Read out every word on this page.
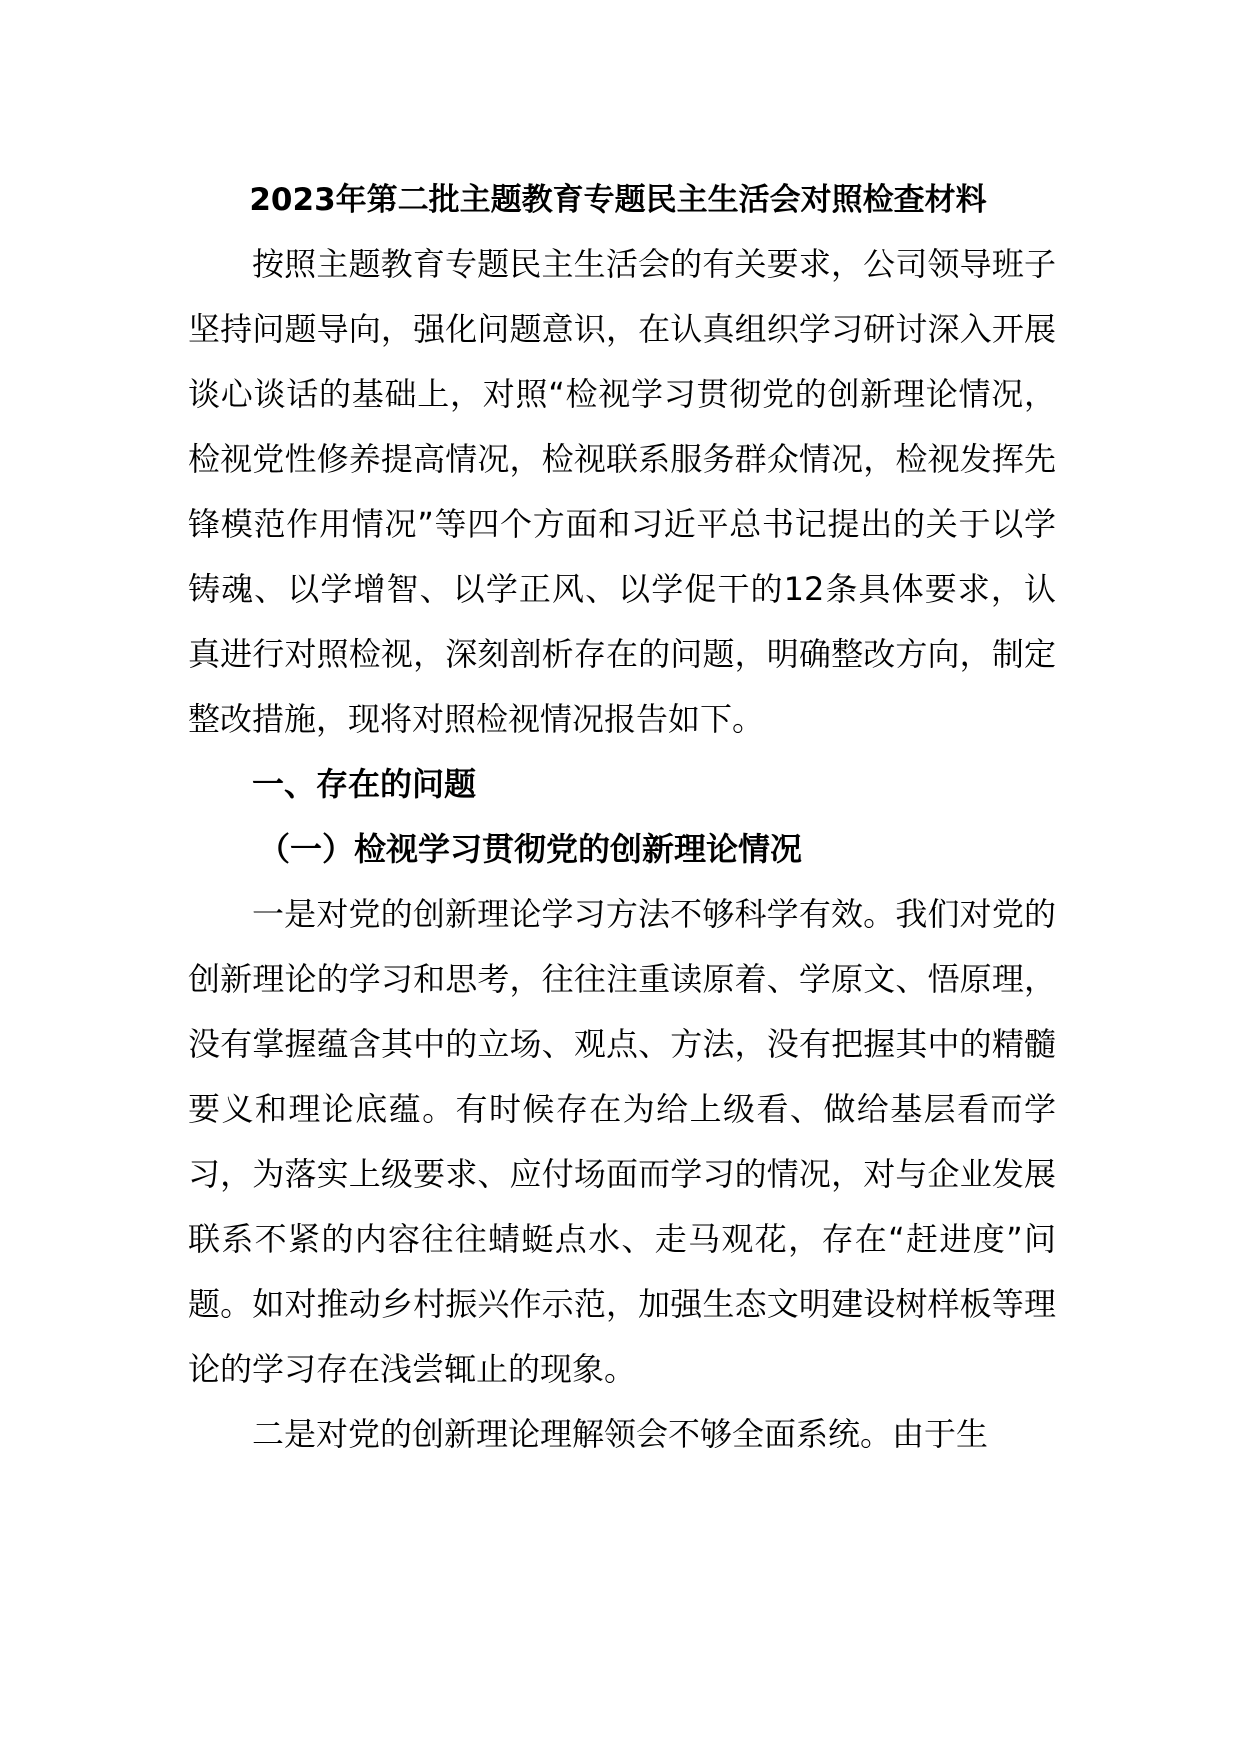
2023年第二批主题教育专题民主生活会对照检查材料

按照主题教育专题民主生活会的有关要求，公司领导班子坚持问题导向，强化问题意识，在认真组织学习研讨深入开展谈心谈话的基础上，对照“检视学习贯彻党的创新理论情况，检视党性修养提高情况，检视联系服务群众情况，检视发挥先锋模范作用情况”等四个方面和习近平总书记提出的关于以学铸魂、以学增智、以学正风、以学促干的12条具体要求，认真进行对照检视，深刻剖析存在的问题，明确整改方向，制定整改措施，现将对照检视情况报告如下。

一、存在的问题
（一）检视学习贯彻党的创新理论情况

一是对党的创新理论学习方法不够科学有效。我们对党的创新理论的学习和思考，往往注重读原着、学原文、悟原理，没有掌握蕴含其中的立场、观点、方法，没有把握其中的精髓要义和理论底蕴。有时候存在为给上级看、做给基层看而学习，为落实上级要求、应付场面而学习的情况，对与企业发展联系不紧的内容往往蜻蜓点水、走马观花，存在“赶进度”问题。如对推动乡村振兴作示范，加强生态文明建设树样板等理论的学习存在浅尝辄止的现象。

二是对党的创新理论理解领会不够全面系统。由于生
